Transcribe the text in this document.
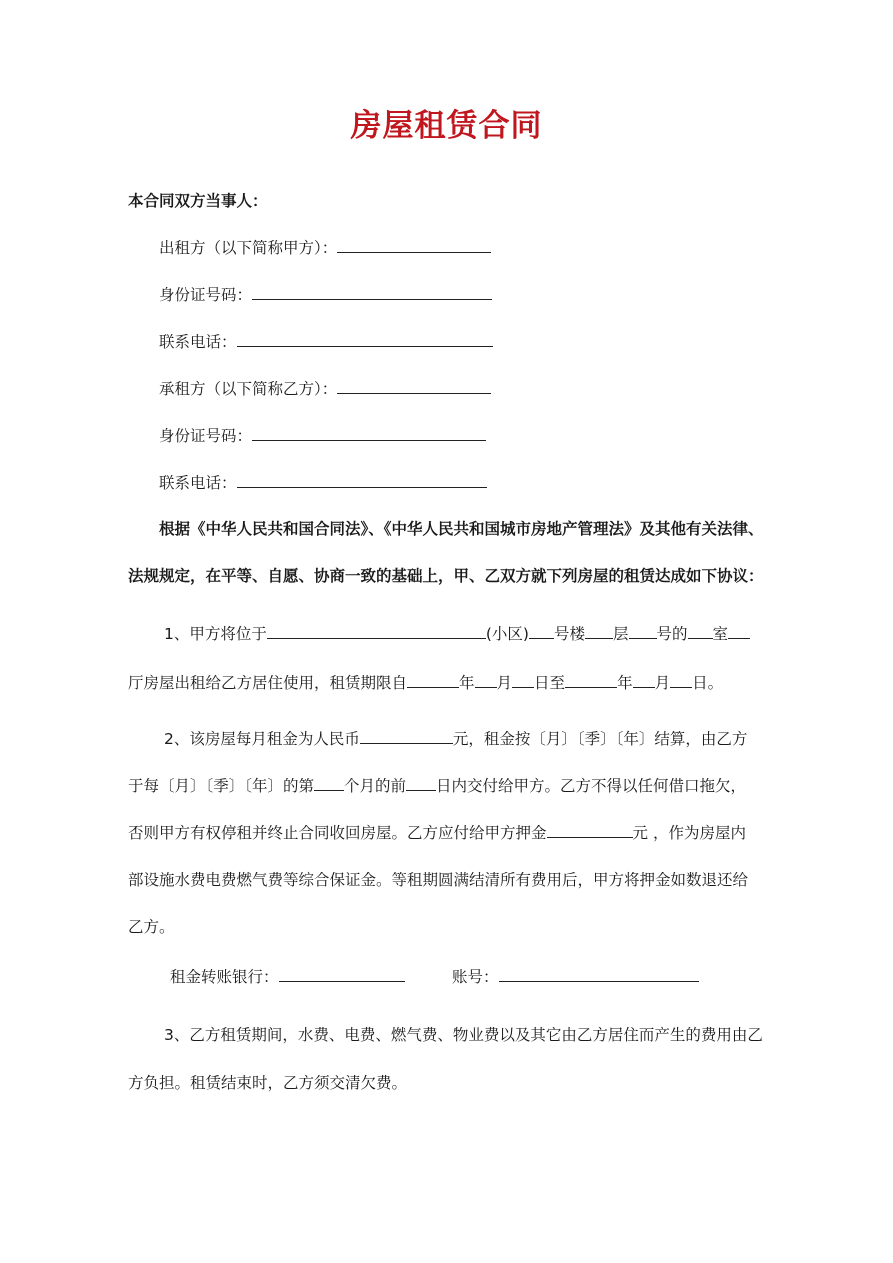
房屋租赁合同
本合同双方当事人：
出租方（以下简称甲方）：
身份证号码：
联系电话：
承租方（以下简称乙方）：
身份证号码：
联系电话：
根据《中华人民共和国合同法》、《中华人民共和国城市房地产管理法》及其他有关法律、
法规规定，在平等、自愿、协商一致的基础上，甲、乙双方就下列房屋的租赁达成如下协议：
1、甲方将位于	(小区) 号楼 层 号的 室
厅房屋出租给乙方居住使用，租赁期限自	年 月 日至	年 月 日。
2、该房屋每月租金为人民币	元，租金按〔月〕〔季〕〔年〕结算，由乙方
于每〔月〕〔季〕〔年〕的第 个月的前 日内交付给甲方。乙方不得以任何借口拖欠，
否则甲方有权停租并终止合同收回房屋。乙方应付给甲方押金	元 ，作为房屋内
部设施水费电费燃气费等综合保证金。等租期圆满结清所有费用后，甲方将押金如数退还给
乙方。
租金转账银行：	账号：
3、乙方租赁期间，水费、电费、燃气费、物业费以及其它由乙方居住而产生的费用由乙
方负担。租赁结束时，乙方须交清欠费。
